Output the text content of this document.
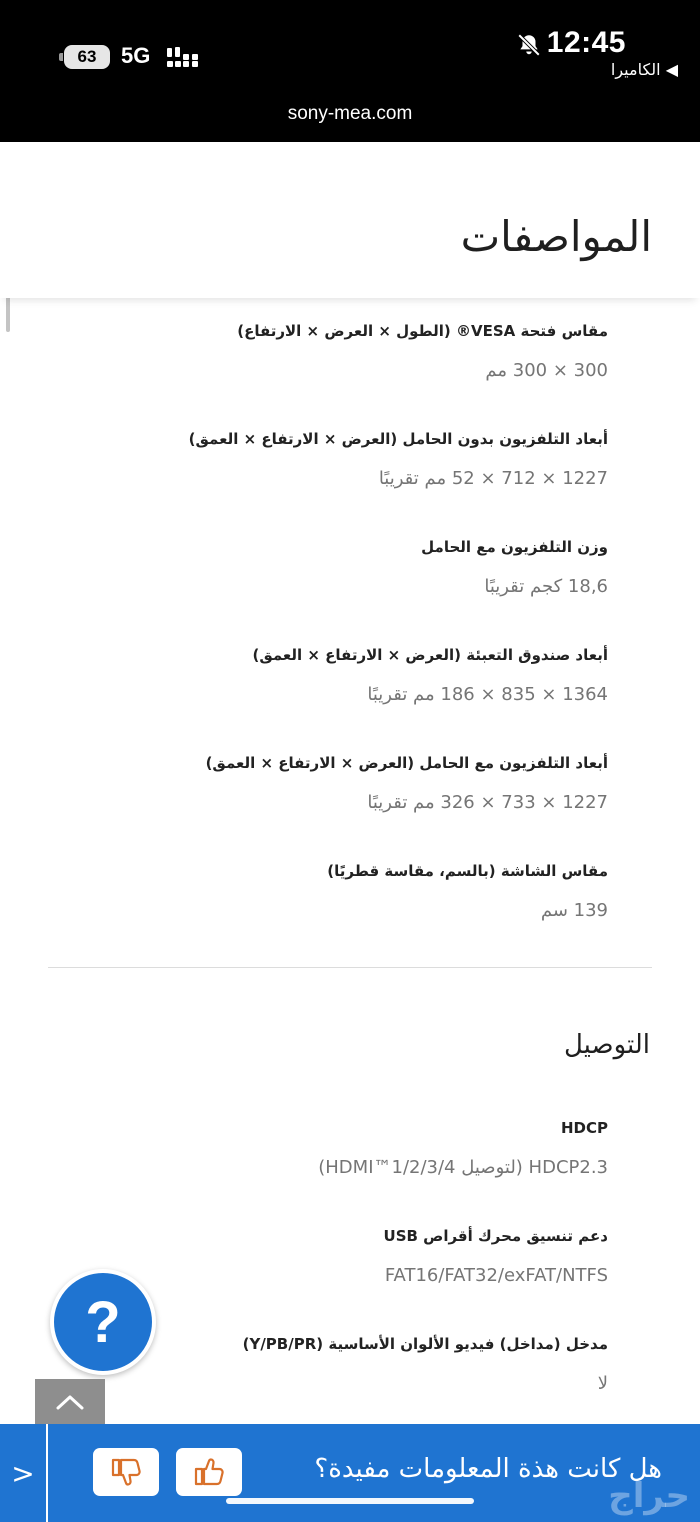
63 5G	12:45
◀ الكاميرا
sony-mea.com
المواصفات
مقاس فتحة VESA® (الطول × العرض × الارتفاع)
300 × 300 مم
أبعاد التلفزيون بدون الحامل (العرض × الارتفاع × العمق)
1227 × 712 × 52 مم تقريبًا
وزن التلفزيون مع الحامل
18,6 كجم تقريبًا
أبعاد صندوق التعبئة (العرض × الارتفاع × العمق)
1364 × 835 × 186 مم تقريبًا
أبعاد التلفزيون مع الحامل (العرض × الارتفاع × العمق)
1227 × 733 × 326 مم تقريبًا
مقاس الشاشة (بالسم، مقاسة قطريًا)
139 سم
التوصيل
HDCP
HDCP2.3 (لتوصيل HDMI™1/2/3/4)
دعم تنسيق محرك أقراص USB
FAT16/FAT32/exFAT/NTFS
مدخل (مداخل) فيديو الألوان الأساسية (Y/PB/PR)
لا
?
>	هل كانت هذة المعلومات مفيدة؟
حراج
